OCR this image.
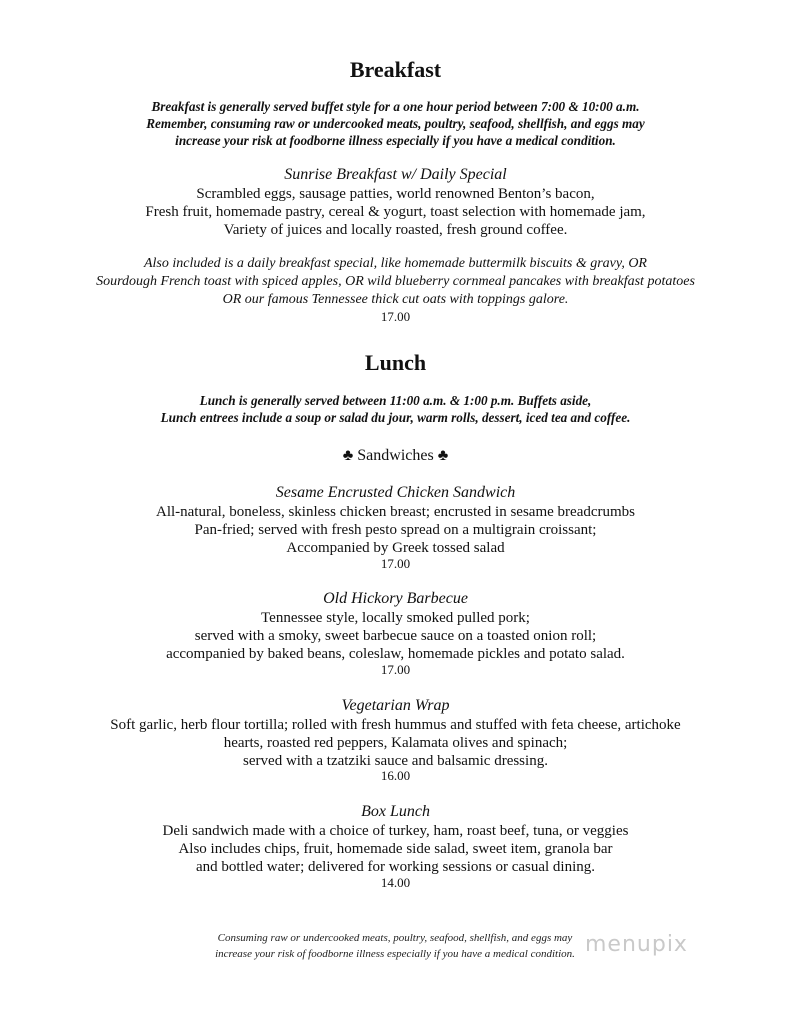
Breakfast
Breakfast is generally served buffet style for a one hour period between 7:00 & 10:00 a.m.
Remember, consuming raw or undercooked meats, poultry, seafood, shellfish, and eggs may
increase your risk at foodborne illness especially if you have a medical condition.
Sunrise Breakfast w/ Daily Special
Scrambled eggs, sausage patties, world renowned Benton’s bacon,
Fresh fruit, homemade pastry, cereal & yogurt, toast selection with homemade jam,
Variety of juices and locally roasted, fresh ground coffee.
Also included is a daily breakfast special, like homemade buttermilk biscuits & gravy, OR
Sourdough French toast with spiced apples, OR wild blueberry cornmeal pancakes with breakfast potatoes
OR our famous Tennessee thick cut oats with toppings galore.
17.00
Lunch
Lunch is generally served between 11:00 a.m. & 1:00 p.m. Buffets aside,
Lunch entrees include a soup or salad du jour, warm rolls, dessert, iced tea and coffee.
♣ Sandwiches ♣
Sesame Encrusted Chicken Sandwich
All-natural, boneless, skinless chicken breast; encrusted in sesame breadcrumbs
Pan-fried; served with fresh pesto spread on a multigrain croissant;
Accompanied by Greek tossed salad
17.00
Old Hickory Barbecue
Tennessee style, locally smoked pulled pork;
served with a smoky, sweet barbecue sauce on a toasted onion roll;
accompanied by baked beans, coleslaw, homemade pickles and potato salad.
17.00
Vegetarian Wrap
Soft garlic, herb flour tortilla; rolled with fresh hummus and stuffed with feta cheese, artichoke
hearts, roasted red peppers, Kalamata olives and spinach;
served with a tzatziki sauce and balsamic dressing.
16.00
Box Lunch
Deli sandwich made with a choice of turkey, ham, roast beef, tuna, or veggies
Also includes chips, fruit, homemade side salad, sweet item, granola bar
and bottled water; delivered for working sessions or casual dining.
14.00
Consuming raw or undercooked meats, poultry, seafood, shellfish, and eggs may
increase your risk of foodborne illness especially if you have a medical condition. menupix
